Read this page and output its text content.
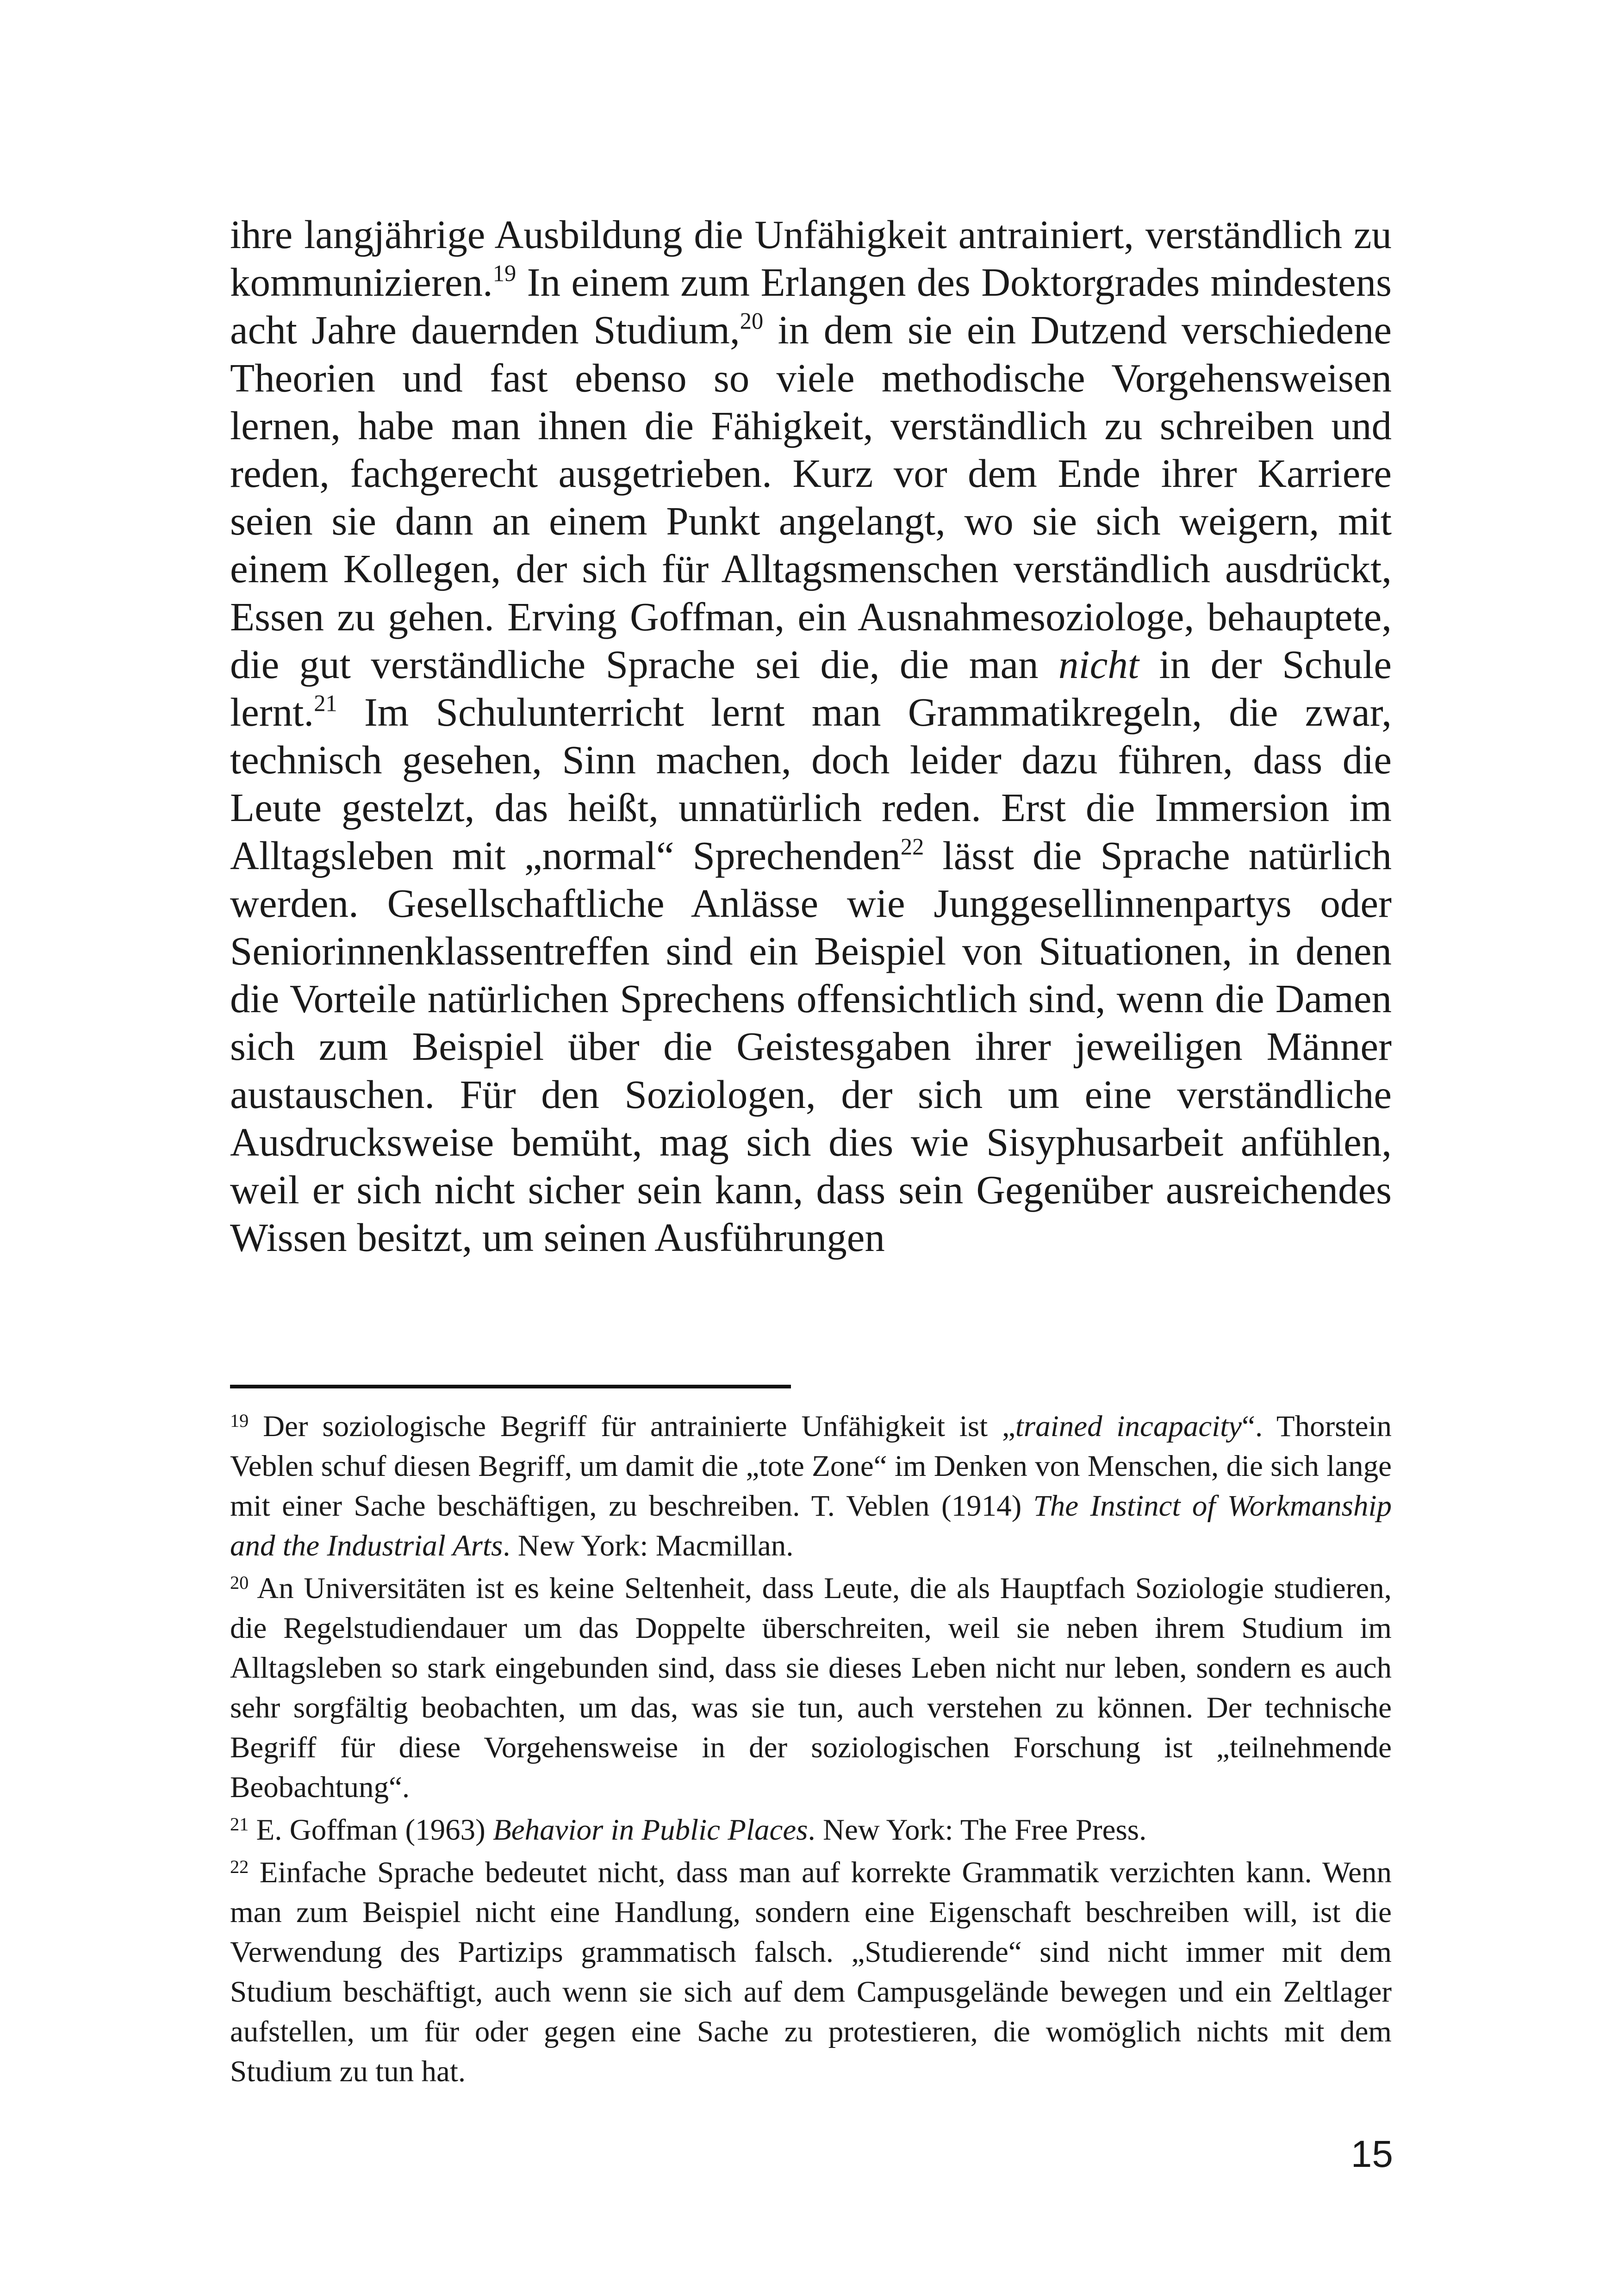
ihre langjährige Ausbildung die Unfähigkeit antrainiert, verständlich zu kommunizieren.$^{19}$ In einem zum Erlangen des Doktorgrades mindestens acht Jahre dauernden Studium,$^{20}$ in dem sie ein Dutzend verschiedene Theorien und fast ebenso so viele methodische Vorgehensweisen lernen, habe man ihnen die Fähigkeit, verständlich zu schreiben und reden, fachgerecht ausgetrieben. Kurz vor dem Ende ihrer Karriere seien sie dann an einem Punkt angelangt, wo sie sich weigern, mit einem Kollegen, der sich für Alltagsmenschen verständlich ausdrückt, Essen zu gehen. Erving Goffman, ein Ausnahmesoziologe, behauptete, die gut verständliche Sprache sei die, die man nicht in der Schule lernt.$^{21}$ Im Schulunterricht lernt man Grammatikregeln, die zwar, technisch gesehen, Sinn machen, doch leider dazu führen, dass die Leute gestelzt, das heißt, unnatürlich reden. Erst die Immersion im Alltagsleben mit „normal“ Sprechenden$^{22}$ lässt die Sprache natürlich werden. Gesellschaftliche Anlässe wie Junggesellinnenpartys oder Seniorinnenklassentreffen sind ein Beispiel von Situationen, in denen die Vorteile natürlichen Sprechens offensichtlich sind, wenn die Damen sich zum Beispiel über die Geistesgaben ihrer jeweiligen Männer austauschen. Für den Soziologen, der sich um eine verständliche Ausdrucksweise bemüht, mag sich dies wie Sisyphusarbeit anfühlen, weil er sich nicht sicher sein kann, dass sein Gegenüber ausreichendes Wissen besitzt, um seinen Ausführungen

$^{19}$ Der soziologische Begriff für antrainierte Unfähigkeit ist „trained incapacity“. Thorstein Veblen schuf diesen Begriff, um damit die „tote Zone“ im Denken von Menschen, die sich lange mit einer Sache beschäftigen, zu beschreiben. T. Veblen (1914) The Instinct of Workmanship and the Industrial Arts. New York: Macmillan.

$^{20}$ An Universitäten ist es keine Seltenheit, dass Leute, die als Hauptfach Soziologie studieren, die Regelstudiendauer um das Doppelte überschreiten, weil sie neben ihrem Studium im Alltagsleben so stark eingebunden sind, dass sie dieses Leben nicht nur leben, sondern es auch sehr sorgfältig beobachten, um das, was sie tun, auch verstehen zu können. Der technische Begriff für diese Vorgehensweise in der soziologischen Forschung ist „teilnehmende Beobachtung“.

$^{21}$ E. Goffman (1963) Behavior in Public Places. New York: The Free Press.

$^{22}$ Einfache Sprache bedeutet nicht, dass man auf korrekte Grammatik verzichten kann. Wenn man zum Beispiel nicht eine Handlung, sondern eine Eigenschaft beschreiben will, ist die Verwendung des Partizips grammatisch falsch. „Studierende“ sind nicht immer mit dem Studium beschäftigt, auch wenn sie sich auf dem Campusgelände bewegen und ein Zeltlager aufstellen, um für oder gegen eine Sache zu protestieren, die womöglich nichts mit dem Studium zu tun hat.

15
